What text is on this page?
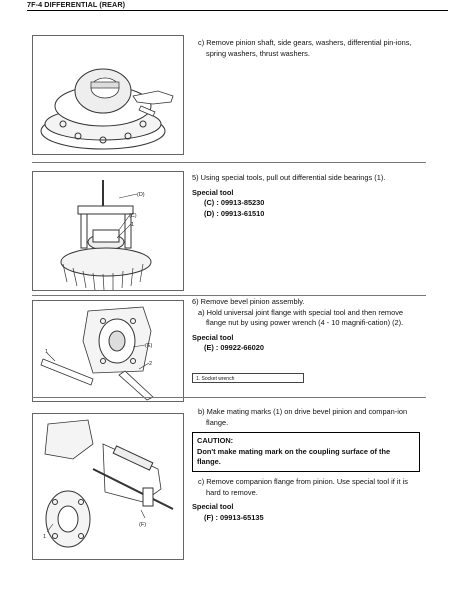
7F-4 DIFFERENTIAL (REAR)

c) Remove pinion shaft, side gears, washers, differential pin-ions, spring washers, thrust washers.

(D)
(C)
1

5) Using special tools, pull out differential side bearings (1).

Special tool

(C) : 09913-85230

(D) : 09913-61510

(E)
1
2

6) Remove bevel pinion assembly.

a) Hold universal joint flange with special tool and then remove flange nut by using power wrench (4 - 10 magnifi-cation) (2).

Special tool

(E) : 09922-66020

1. Socket wrench
(F)
1

b) Make mating marks (1) on drive bevel pinion and compan-ion flange.

CAUTION:

Don't make mating mark on the coupling surface of the flange.

c) Remove companion flange from pinion. Use special tool if it is hard to remove.

Special tool

(F) : 09913-65135
